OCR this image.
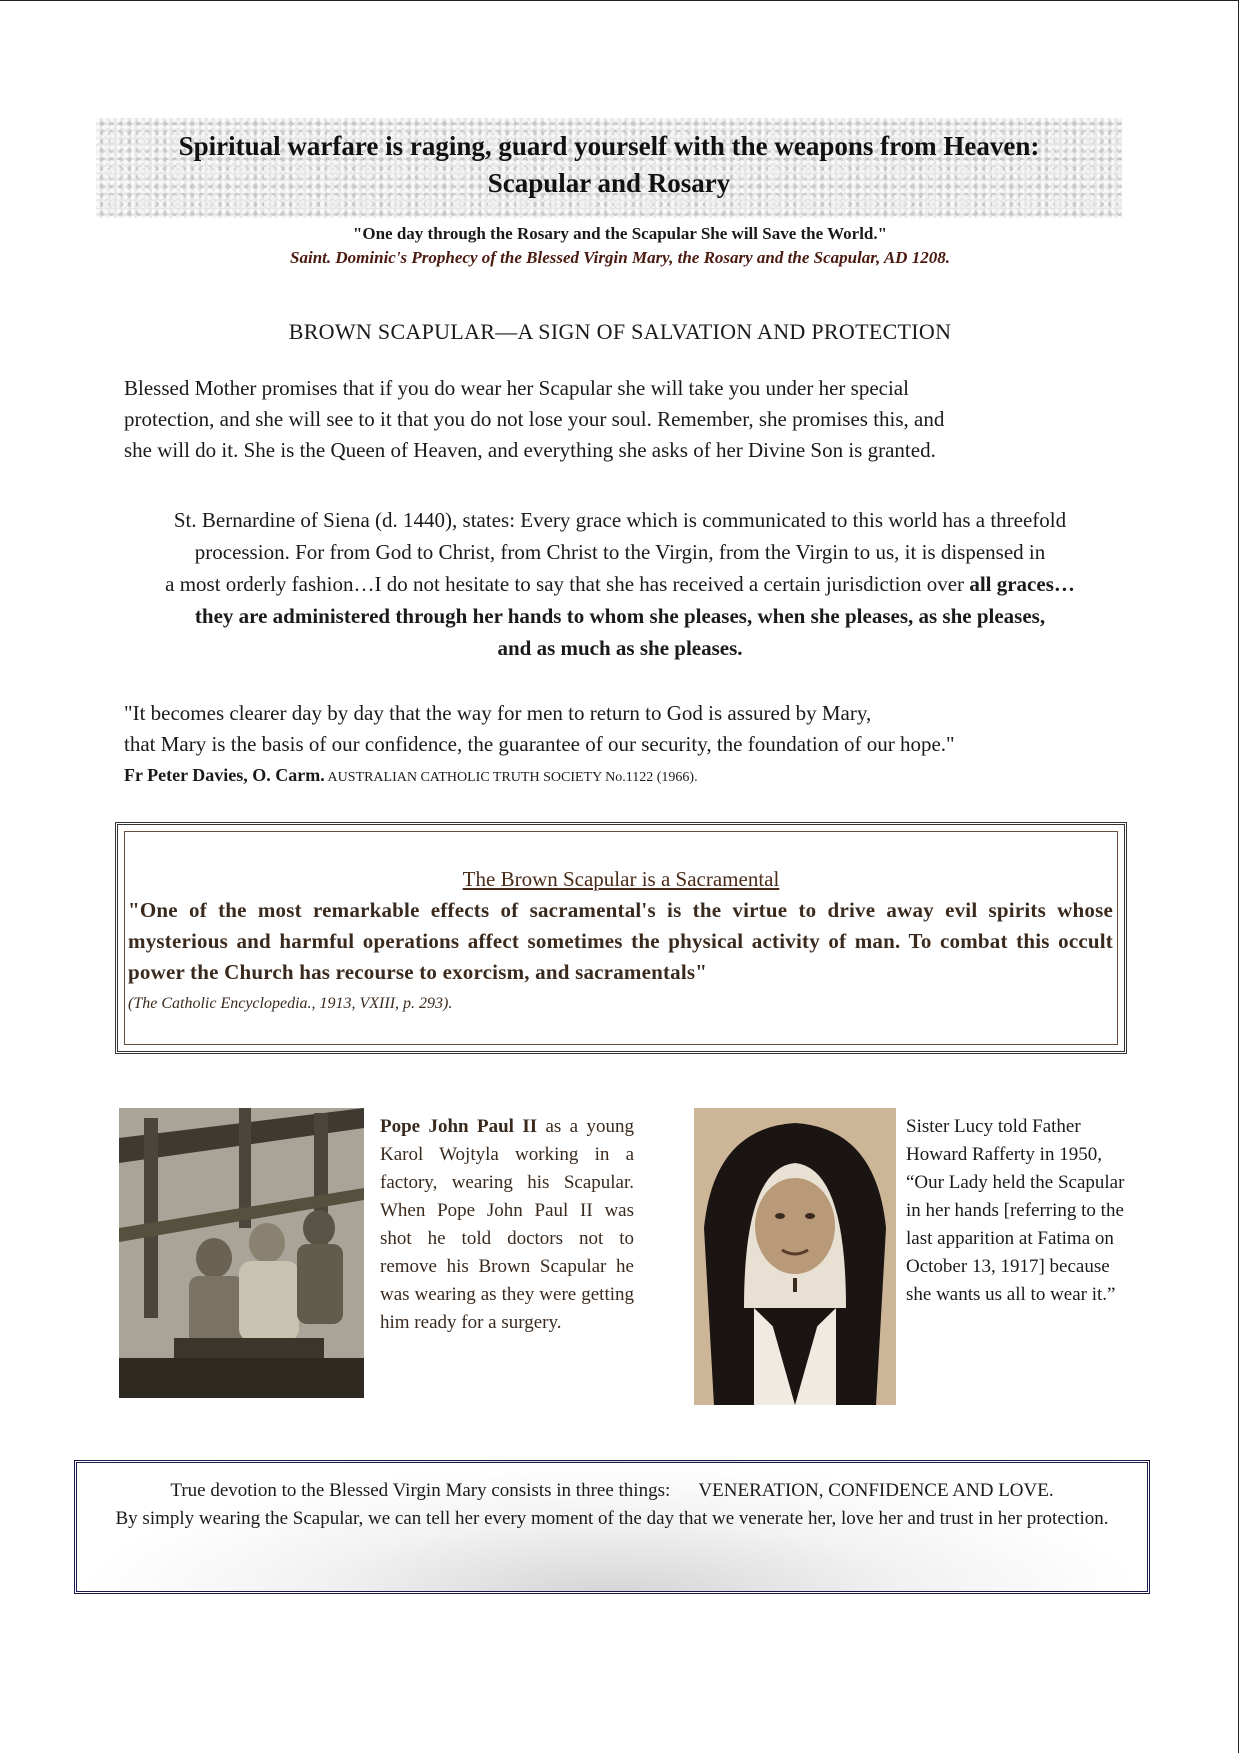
Spiritual warfare is raging, guard yourself with the weapons from Heaven:
Scapular and Rosary
"One day through the Rosary and the Scapular She will Save the World."
Saint. Dominic's Prophecy of the Blessed Virgin Mary, the Rosary and the Scapular, AD 1208.
BROWN SCAPULAR—A SIGN OF SALVATION AND PROTECTION
Blessed Mother promises that if you do wear her Scapular she will take you under her special
protection, and she will see to it that you do not lose your soul. Remember, she promises this, and
she will do it. She is the Queen of Heaven, and everything she asks of her Divine Son is granted.
St. Bernardine of Siena (d. 1440), states: Every grace which is communicated to this world has a threefold
procession. For from God to Christ, from Christ to the Virgin, from the Virgin to us, it is dispensed in
a most orderly fashion…I do not hesitate to say that she has received a certain jurisdiction over all graces…
they are administered through her hands to whom she pleases, when she pleases, as she pleases,
and as much as she pleases.
"It becomes clearer day by day that the way for men to return to God is assured by Mary,
that Mary is the basis of our confidence, the guarantee of our security, the foundation of our hope."
Fr Peter Davies, O. Carm. AUSTRALIAN CATHOLIC TRUTH SOCIETY No.1122 (1966).
The Brown Scapular is a Sacramental
"One of the most remarkable effects of sacramental's is the virtue to drive away evil spirits whose mysterious and harmful operations affect sometimes the physical activity of man. To combat this occult power the Church has recourse to exorcism, and sacramentals"
(The Catholic Encyclopedia., 1913, VXIII, p. 293).
Pope John Paul II as a young Karol Wojtyla working in a factory, wearing his Scapular. When Pope John Paul II was shot he told doctors not to remove his Brown Scapular he was wearing as they were getting him ready for a surgery.
Sister Lucy told Father Howard Rafferty in 1950, “Our Lady held the Scapular in her hands [referring to the last apparition at Fatima on October 13, 1917] because she wants us all to wear it.”
True devotion to the Blessed Virgin Mary consists in three things:      VENERATION, CONFIDENCE AND LOVE.
By simply wearing the Scapular, we can tell her every moment of the day that we venerate her, love her and trust in her protection.
